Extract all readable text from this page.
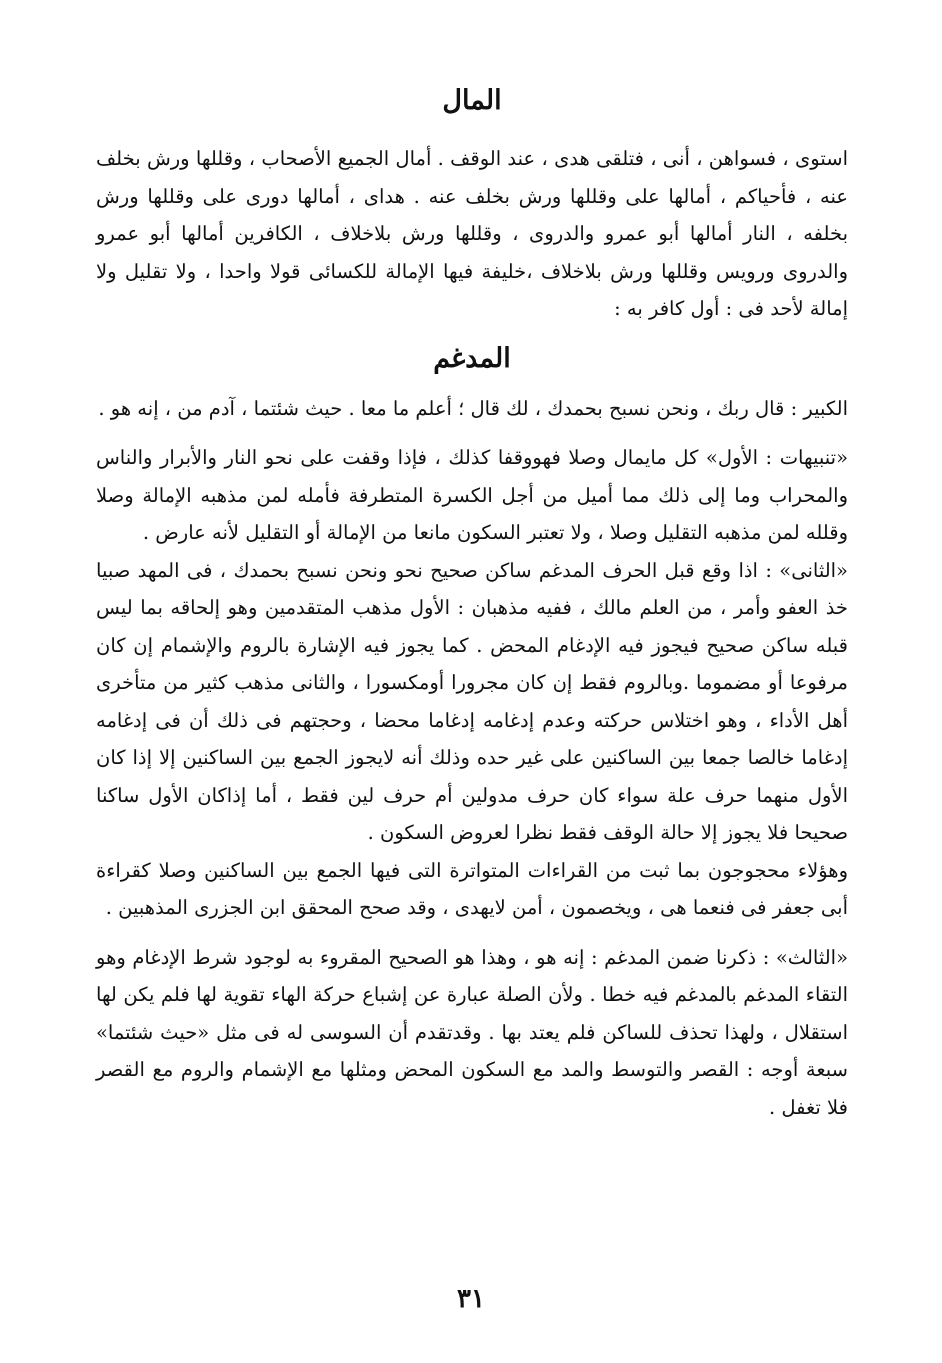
المال

استوى ، فسواهن ، أنى ، فتلقى هدى ، عند الوقف . أمال الجميع الأصحاب ، وقللها ورش بخلف عنه ، فأحياكم ، أمالها على وقللها ورش بخلف عنه . هداى ، أمالها دورى على وقللها ورش بخلفه ، النار أمالها أبو عمرو والدروى ، وقللها ورش بلاخلاف ، الكافرين أمالها أبو عمرو والدروى ورويس وقللها ورش بلاخلاف ،خليفة فيها الإمالة للكسائى قولا واحدا ، ولا تقليل ولا إمالة لأحد فى : أول كافر به :

المدغم

الكبير : قال ربك ، ونحن نسبح بحمدك ، لك قال ؛ أعلم ما معا . حيث شئتما ، آدم من ، إنه هو .

«تنبيهات : الأول» كل مايمال وصلا فهووقفا كذلك ، فإذا وقفت على نحو النار والأبرار والناس والمحراب وما إلى ذلك مما أميل من أجل الكسرة المتطرفة فأمله لمن مذهبه الإمالة وصلا وقلله لمن مذهبه التقليل وصلا ، ولا تعتبر السكون مانعا من الإمالة أو التقليل لأنه عارض .

«الثانى» : اذا وقع قبل الحرف المدغم ساكن صحيح نحو ونحن نسبح بحمدك ، فى المهد صبيا خذ العفو وأمر ، من العلم مالك ، ففيه مذهبان : الأول مذهب المتقدمين وهو إلحاقه بما ليس قبله ساكن صحيح فيجوز فيه الإدغام المحض . كما يجوز فيه الإشارة بالروم والإشمام إن كان مرفوعا أو مضموما .وبالروم فقط إن كان مجرورا أومكسورا ، والثانى مذهب كثير من متأخرى أهل الأداء ، وهو اختلاس حركته وعدم إدغامه إدغاما محضا ، وحجتهم فى ذلك أن فى إدغامه إدغاما خالصا جمعا بين الساكنين على غير حده وذلك أنه لايجوز الجمع بين الساكنين إلا إذا كان الأول منهما حرف علة سواء كان حرف مدولين أم حرف لين فقط ، أما إذاكان الأول ساكنا صحيحا فلا يجوز إلا حالة الوقف فقط نظرا لعروض السكون .

وهؤلاء محجوجون بما ثبت من القراءات المتواترة التى فيها الجمع بين الساكنين وصلا كقراءة أبى جعفر فى فنعما هى ، ويخصمون ، أمن لايهدى ، وقد صحح المحقق ابن الجزرى المذهبين .

«الثالث» : ذكرنا ضمن المدغم : إنه هو ، وهذا هو الصحيح المقروء به لوجود شرط الإدغام وهو التقاء المدغم بالمدغم فيه خطا . ولأن الصلة عبارة عن إشباع حركة الهاء تقوية لها فلم يكن لها استقلال ، ولهذا تحذف للساكن فلم يعتد بها . وقدتقدم أن السوسى له فى مثل «حيث شئتما» سبعة أوجه : القصر والتوسط والمد مع السكون المحض ومثلها مع الإشمام والروم مع القصر فلا تغفل .

٣١
